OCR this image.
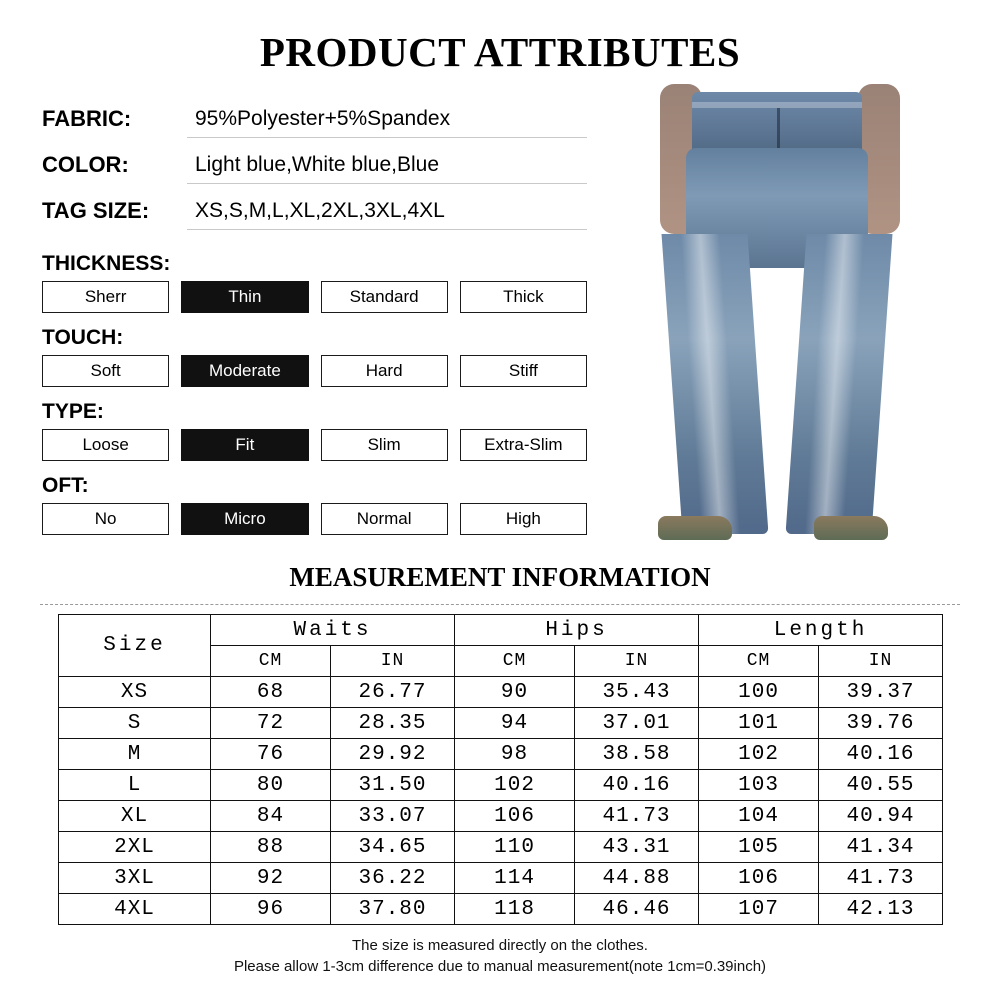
PRODUCT ATTRIBUTES
FABRIC:	95%Polyester+5%Spandex
COLOR:	Light blue,White blue,Blue
TAG SIZE:	XS,S,M,L,XL,2XL,3XL,4XL
THICKNESS:
Sherr	Thin	Standard	Thick
TOUCH:
Soft	Moderate	Hard	Stiff
TYPE:
Loose	Fit	Slim	Extra-Slim
OFT:
No	Micro	Normal	High
MEASUREMENT INFORMATION
Size	Waits		Hips		Length	
	CM	IN	CM	IN	CM	IN
XS	68	26.77	90	35.43	100	39.37
S	72	28.35	94	37.01	101	39.76
M	76	29.92	98	38.58	102	40.16
L	80	31.50	102	40.16	103	40.55
XL	84	33.07	106	41.73	104	40.94
2XL	88	34.65	110	43.31	105	41.34
3XL	92	36.22	114	44.88	106	41.73
4XL	96	37.80	118	46.46	107	42.13
The size is measured directly on the clothes.
Please allow 1-3cm difference due to manual measurement(note 1cm=0.39inch)
